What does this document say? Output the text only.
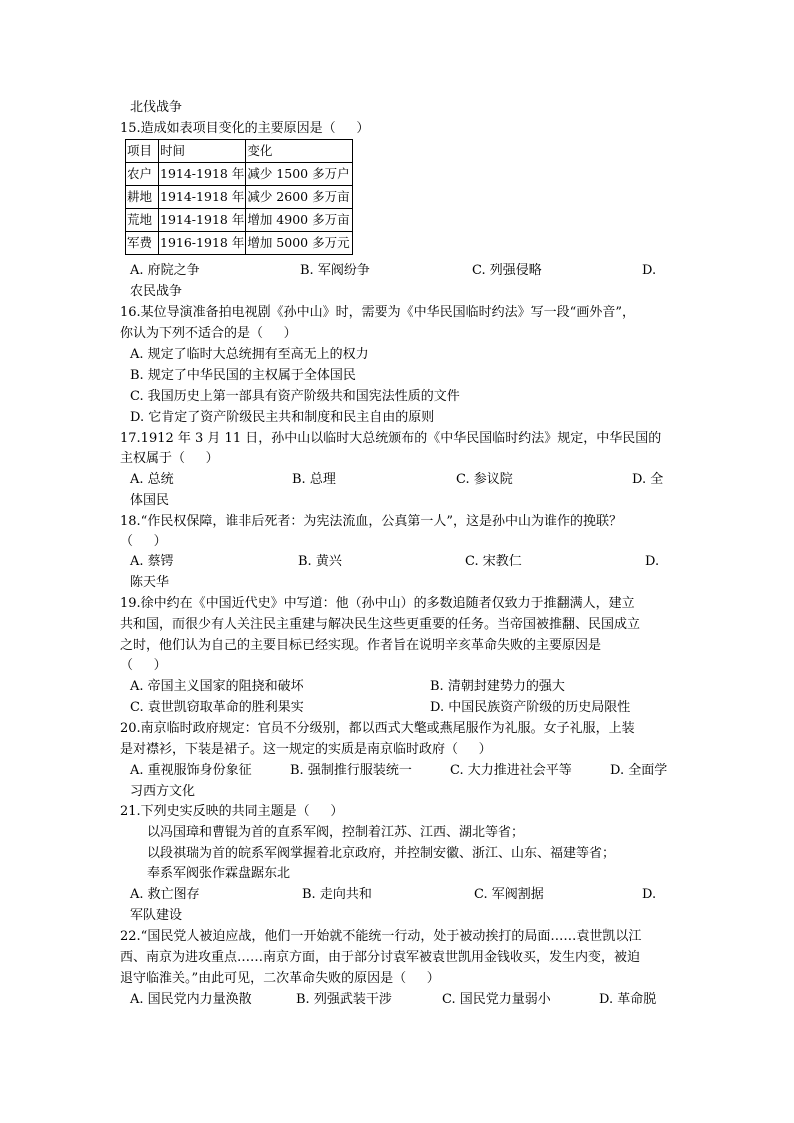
北伐战争
15.造成如表项目变化的主要原因是（     ）
项目	时间	变化
农户	1914-1918 年	减少 1500 多万户
耕地	1914-1918 年	减少 2600 多万亩
荒地	1914-1918 年	增加 4900 多万亩
军费	1916-1918 年	增加 5000 多万元
A. 府院之争	B. 军阀纷争	C. 列强侵略	D.
农民战争
16.某位导演准备拍电视剧《孙中山》时，需要为《中华民国临时约法》写一段“画外音”，
你认为下列不适合的是（     ）
A. 规定了临时大总统拥有至高无上的权力
B. 规定了中华民国的主权属于全体国民
C. 我国历史上第一部具有资产阶级共和国宪法性质的文件
D. 它肯定了资产阶级民主共和制度和民主自由的原则
17.1912 年 3 月 11 日，孙中山以临时大总统颁布的《中华民国临时约法》规定，中华民国的
主权属于（     ）
A. 总统	B. 总理	C. 参议院	D. 全
体国民
18.“作民权保障，谁非后死者：为宪法流血，公真第一人”，这是孙中山为谁作的挽联？
（     ）
A. 蔡锷	B. 黄兴	C. 宋教仁	D.
陈天华
19.徐中约在《中国近代史》中写道：他（孙中山）的多数追随者仅致力于推翻满人，建立
共和国，而很少有人关注民主重建与解决民生这些更重要的任务。当帝国被推翻、民国成立
之时，他们认为自己的主要目标已经实现。作者旨在说明辛亥革命失败的主要原因是
（     ）
A. 帝国主义国家的阻挠和破坏	B. 清朝封建势力的强大
C. 袁世凯窃取革命的胜利果实	D. 中国民族资产阶级的历史局限性
20.南京临时政府规定：官员不分级别，都以西式大氅或燕尾服作为礼服。女子礼服，上装
是对襟衫，下装是裙子。这一规定的实质是南京临时政府（     ）
A. 重视服饰身份象征	B. 强制推行服装统一	C. 大力推进社会平等	D. 全面学
习西方文化
21.下列史实反映的共同主题是（     ）
以冯国璋和曹锟为首的直系军阀，控制着江苏、江西、湖北等省；
以段祺瑞为首的皖系军阀掌握着北京政府，并控制安徽、浙江、山东、福建等省；
奉系军阀张作霖盘踞东北
A. 救亡图存	B. 走向共和	C. 军阀割据	D.
军队建设
22.“国民党人被迫应战，他们一开始就不能统一行动，处于被动挨打的局面……袁世凯以江
西、南京为进攻重点……南京方面，由于部分讨袁军被袁世凯用金钱收买，发生内变，被迫
退守临淮关。”由此可见，二次革命失败的原因是（     ）
A. 国民党内力量涣散	B. 列强武装干涉	C. 国民党力量弱小	D. 革命脱
